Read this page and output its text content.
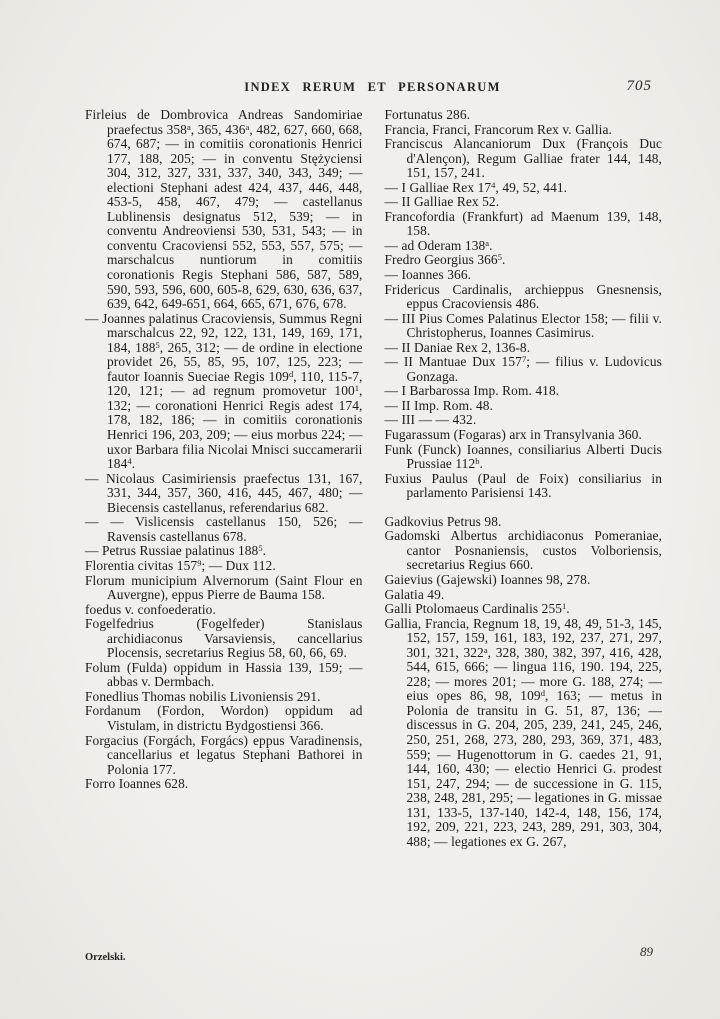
INDEX RERUM ET PERSONARUM	705

Firleius de Dombrovica Andreas Sandomiriae praefectus 358$^a$, 365, 436$^a$, 482, 627, 660, 668, 674, 687; — in comitiis coronationis Henrici 177, 188, 205; — in conventu Stężyciensi 304, 312, 327, 331, 337, 340, 343, 349; — electioni Stephani adest 424, 437, 446, 448, 453-5, 458, 467, 479; — castellanus Lublinensis designatus 512, 539; — in conventu Andreoviensi 530, 531, 543; — in conventu Cracoviensi 552, 553, 557, 575; — marschalcus nuntiorum in comitiis coronationis Regis Stephani 586, 587, 589, 590, 593, 596, 600, 605-8, 629, 630, 636, 637, 639, 642, 649-651, 664, 665, 671, 676, 678.

— Joannes palatinus Cracoviensis, Summus Regni marschalcus 22, 92, 122, 131, 149, 169, 171, 184, $188^5$, 265, 312; — de ordine in electione providet 26, 55, 85, 95, 107, 125, 223; — fautor Ioannis Sueciae Regis 109$^d$, 110, 115-7, 120, 121; — ad regnum promovetur $100^1$, 132; — coronationi Henrici Regis adest 174, 178, 182, 186; — in comitiis coronationis Henrici 196, 203, 209; — eius morbus 224; — uxor Barbara filia Nicolai Mnisci succamerarii $184^4$.

— Nicolaus Casimiriensis praefectus 131, 167, 331, 344, 357, 360, 416, 445, 467, 480; — Biecensis castellanus, referendarius 682.

— — Vislicensis castellanus 150, 526; — Ravensis castellanus 678.

— Petrus Russiae palatinus $188^5$.

Florentia civitas $157^9$; — Dux 112.

Florum municipium Alvernorum (Saint Flour en Auvergne), eppus Pierre de Bauma 158.

foedus v. confoederatio.

Fogelfedrius (Fogelfeder) Stanislaus archidiaconus Varsaviensis, cancellarius Plocensis, secretarius Regius 58, 60, 66, 69.

Folum (Fulda) oppidum in Hassia 139, 159; — abbas v. Dermbach.

Fonedlius Thomas nobilis Livoniensis 291.

Fordanum (Fordon, Wordon) oppidum ad Vistulam, in districtu Bydgostiensi 366.

Forgacius (Forgách, Forgács) eppus Varadinensis, cancellarius et legatus Stephani Bathorei in Polonia 177.

Forro Ioannes 628.

Fortunatus 286.

Francia, Franci, Francorum Rex v. Gallia.

Franciscus Alancaniorum Dux (François Duc d'Alençon), Regum Galliae frater 144, 148, 151, 157, 241.

— I Galliae Rex $17^4$, 49, 52, 441.

— II Galliae Rex 52.

Francofordia (Frankfurt) ad Maenum 139, 148, 158.

— ad Oderam 138$^a$.

Fredro Georgius $366^5$.

— Ioannes 366.

Fridericus Cardinalis, archieppus Gnesnensis, eppus Cracoviensis 486.

— III Pius Comes Palatinus Elector 158; — filii v. Christopherus, Ioannes Casimirus.

— II Daniae Rex 2, 136-8.

— II Mantuae Dux $157^7$; — filius v. Ludovicus Gonzaga.

— I Barbarossa Imp. Rom. 418.

— II Imp. Rom. 48.

— III — — 432.

Fugarassum (Fogaras) arx in Transylvania 360.

Funk (Funck) Ioannes, consiliarius Alberti Ducis Prussiae 112$^b$.

Fuxius Paulus (Paul de Foix) consiliarius in parlamento Parisiensi 143.

Gadkovius Petrus 98.

Gadomski Albertus archidiaconus Pomeraniae, cantor Posnaniensis, custos Volboriensis, secretarius Regius 660.

Gaievius (Gajewski) Ioannes 98, 278.

Galatia 49.

Galli Ptolomaeus Cardinalis $255^1$.

Gallia, Francia, Regnum 18, 19, 48, 49, 51-3, 145, 152, 157, 159, 161, 183, 192, 237, 271, 297, 301, 321, 322$^a$, 328, 380, 382, 397, 416, 428, 544, 615, 666; — lingua 116, 190. 194, 225, 228; — mores 201; — more G. 188, 274; — eius opes 86, 98, 109$^d$, 163; — metus in Polonia de transitu in G. 51, 87, 136; — discessus in G. 204, 205, 239, 241, 245, 246, 250, 251, 268, 273, 280, 293, 369, 371, 483, 559; — Hugenottorum in G. caedes 21, 91, 144, 160, 430; — electio Henrici G. prodest 151, 247, 294; — de successione in G. 115, 238, 248, 281, 295; — legationes in G. missae 131, 133-5, 137-140, 142-4, 148, 156, 174, 192, 209, 221, 223, 243, 289, 291, 303, 304, 488; — legationes ex G. 267,

Orzelski.	89
